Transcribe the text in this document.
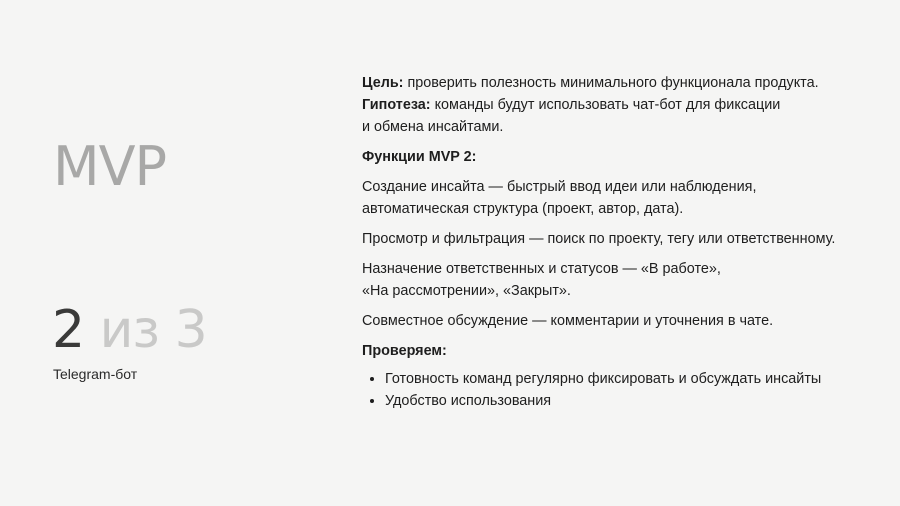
MVP
2 из 3
Telegram-бот

Цель: проверить полезность минимального функционала продукта.

Гипотеза: команды будут использовать чат-бот для фиксации
и обмена инсайтами.

Функции MVP 2:

Создание инсайта — быстрый ввод идеи или наблюдения,
автоматическая структура (проект, автор, дата).

Просмотр и фильтрация — поиск по проекту, тегу или ответственному.

Назначение ответственных и статусов — «В работе»,
«На рассмотрении», «Закрыт».

Совместное обсуждение — комментарии и уточнения в чате.

Проверяем:

• Готовность команд регулярно фиксировать и обсуждать инсайты
• Удобство использования
